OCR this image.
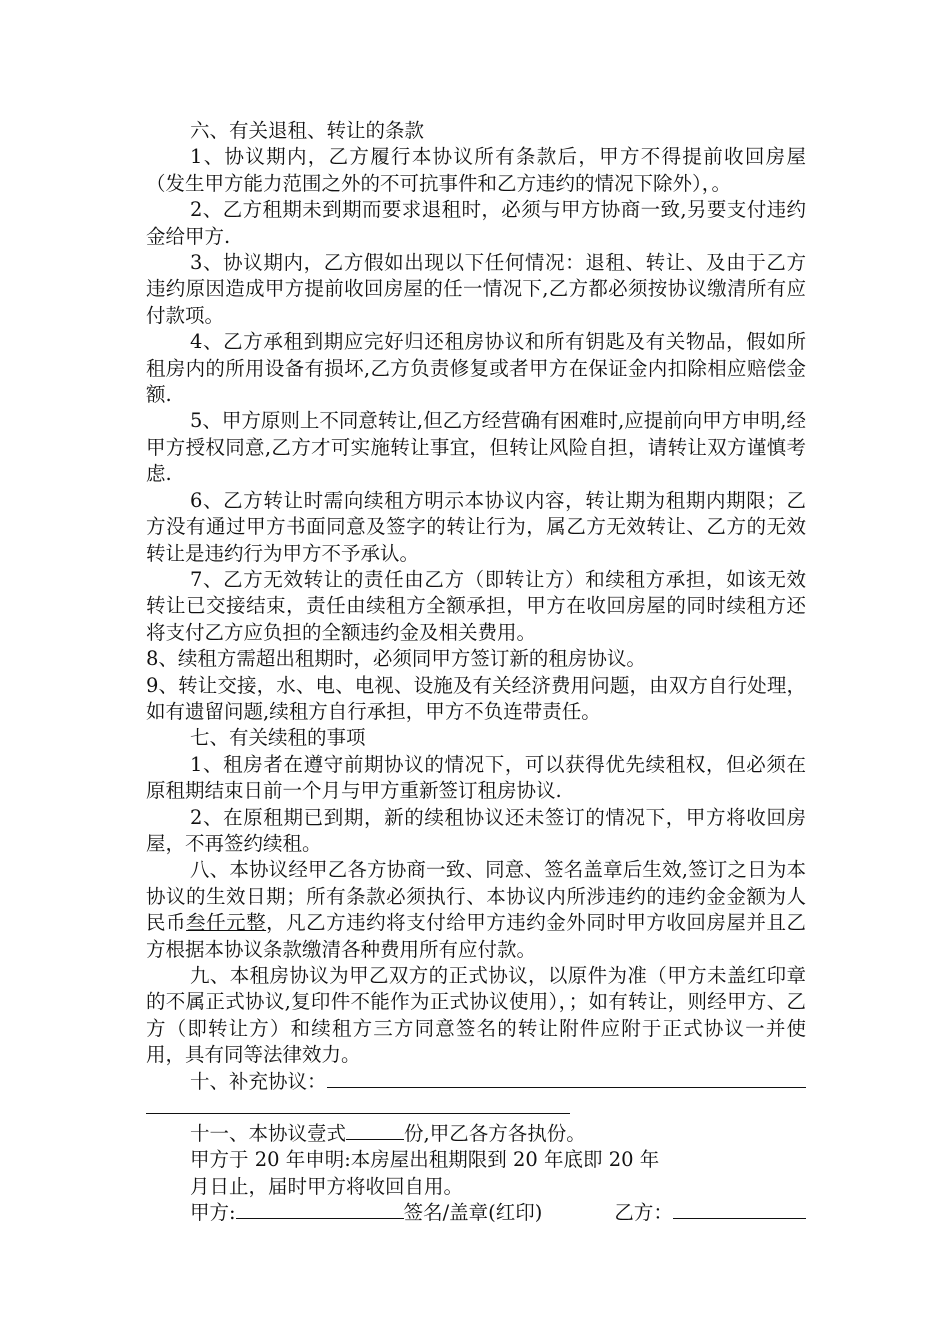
六、有关退租、转让的条款

1、协议期内，乙方履行本协议所有条款后，甲方不得提前收回房屋（发生甲方能力范围之外的不可抗事件和乙方违约的情况下除外），。

2、乙方租期未到期而要求退租时，必须与甲方协商一致,另要支付违约金给甲方.

3、协议期内，乙方假如出现以下任何情况：退租、转让、及由于乙方违约原因造成甲方提前收回房屋的任一情况下,乙方都必须按协议缴清所有应付款项。

4、乙方承租到期应完好归还租房协议和所有钥匙及有关物品，假如所租房内的所用设备有损坏,乙方负责修复或者甲方在保证金内扣除相应赔偿金额.

5、甲方原则上不同意转让,但乙方经营确有困难时,应提前向甲方申明,经甲方授权同意,乙方才可实施转让事宜，但转让风险自担，请转让双方谨慎考虑.

6、乙方转让时需向续租方明示本协议内容，转让期为租期内期限；乙方没有通过甲方书面同意及签字的转让行为，属乙方无效转让、乙方的无效转让是违约行为甲方不予承认。

7、乙方无效转让的责任由乙方（即转让方）和续租方承担，如该无效转让已交接结束，责任由续租方全额承担，甲方在收回房屋的同时续租方还将支付乙方应负担的全额违约金及相关费用。

8、续租方需超出租期时，必须同甲方签订新的租房协议。

9、转让交接，水、电、电视、设施及有关经济费用问题，由双方自行处理，如有遗留问题,续租方自行承担，甲方不负连带责任。

七、有关续租的事项

1、租房者在遵守前期协议的情况下，可以获得优先续租权，但必须在原租期结束日前一个月与甲方重新签订租房协议.

2、在原租期已到期，新的续租协议还未签订的情况下，甲方将收回房屋，不再签约续租。

八、本协议经甲乙各方协商一致、同意、签名盖章后生效,签订之日为本协议的生效日期；所有条款必须执行、本协议内所涉违约的违约金金额为人民币叁仟元整，凡乙方违约将支付给甲方违约金外同时甲方收回房屋并且乙方根据本协议条款缴清各种费用所有应付款。

九、本租房协议为甲乙双方的正式协议，以原件为准（甲方未盖红印章的不属正式协议,复印件不能作为正式协议使用），；如有转让，则经甲方、乙方（即转让方）和续租方三方同意签名的转让附件应附于正式协议一并使用，具有同等法律效力。

十、补充协议：
十一、本协议壹式	份,甲乙各方各执份。

甲方于 20 年申明:本房屋出租期限到 20 年底即 20 年

月日止，届时甲方将收回自用。

甲方:	签名/盖章(红印)	乙方：
